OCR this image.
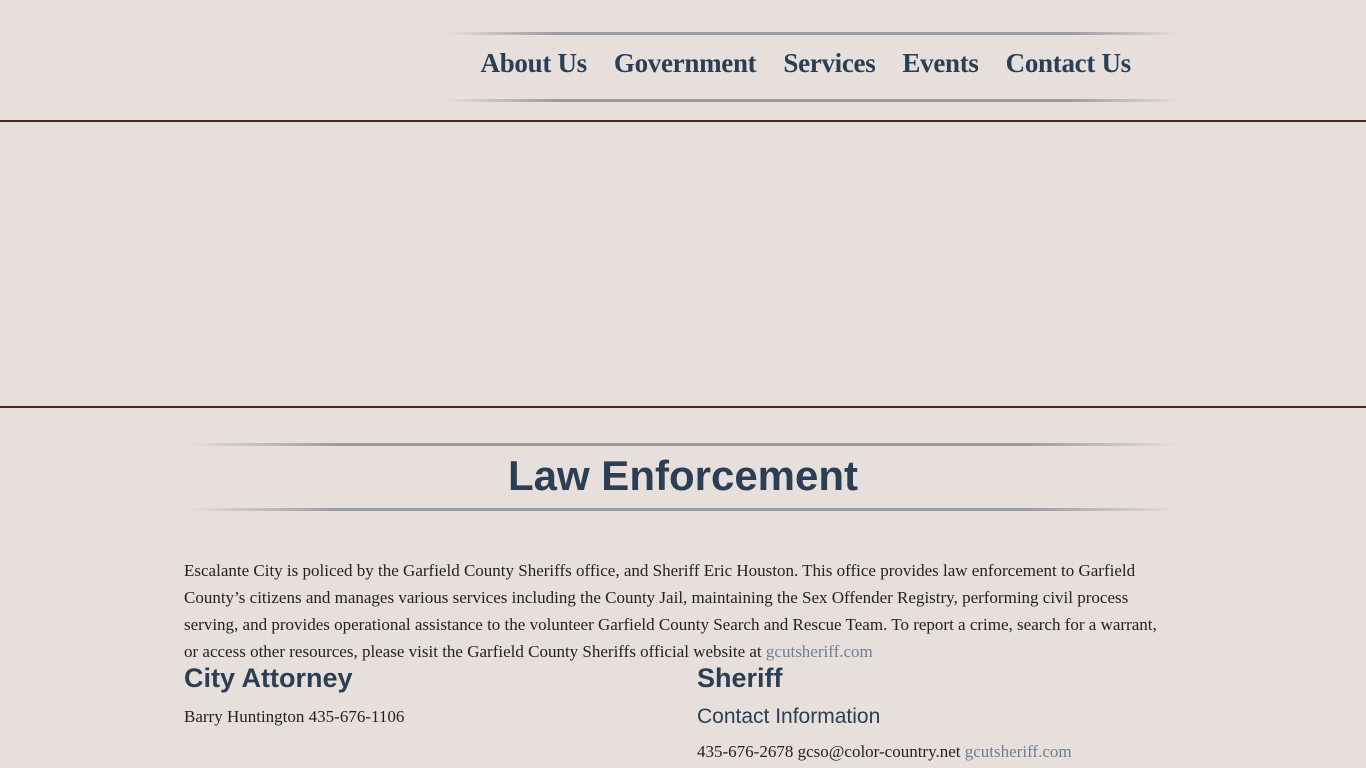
About Us	Government	Services	Events	Contact Us
Law Enforcement

Escalante City is policed by the Garfield County Sheriffs office, and Sheriff Eric Houston. This office provides law enforcement to Garfield County’s citizens and manages various services including the County Jail, maintaining the Sex Offender Registry, performing civil process serving, and provides operational assistance to the volunteer Garfield County Search and Rescue Team. To report a crime, search for a warrant, or access other resources, please visit the Garfield County Sheriffs official website at gcutsheriff.com

City Attorney
Barry Huntington 435-676-1106
Sheriff
Contact Information
435-676-2678 gcso@color-country.net gcutsheriff.com
